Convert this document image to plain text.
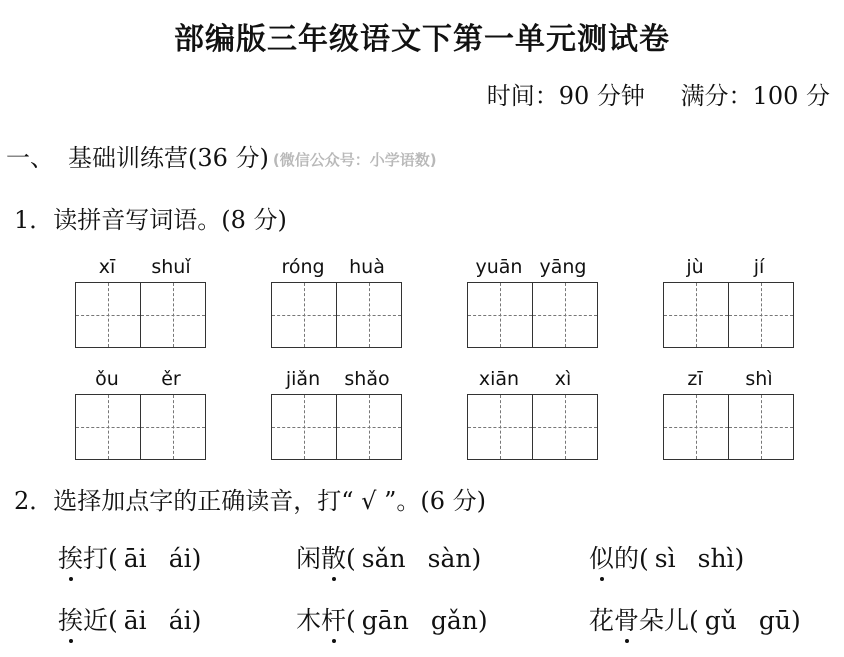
部编版三年级语文下第一单元测试卷
时间：90 分钟 满分：100 分
一、 基础训练营(36 分) (微信公众号：小学语数)
1．读拼音写词语。(8 分)
xī	shuǐ	róng	huà	yuān yāng	jù	jí
ǒu	ěr	jiǎn	shǎo	xiān	xì	zī	shì
2．选择加点字的正确读音，打“ √ ”。(6 分)
挨打( āi ái)	闲散( sǎn sàn)	似的( sì shì)
挨近( āi ái)	木杆( gān gǎn)	花骨朵儿( gǔ gū)
